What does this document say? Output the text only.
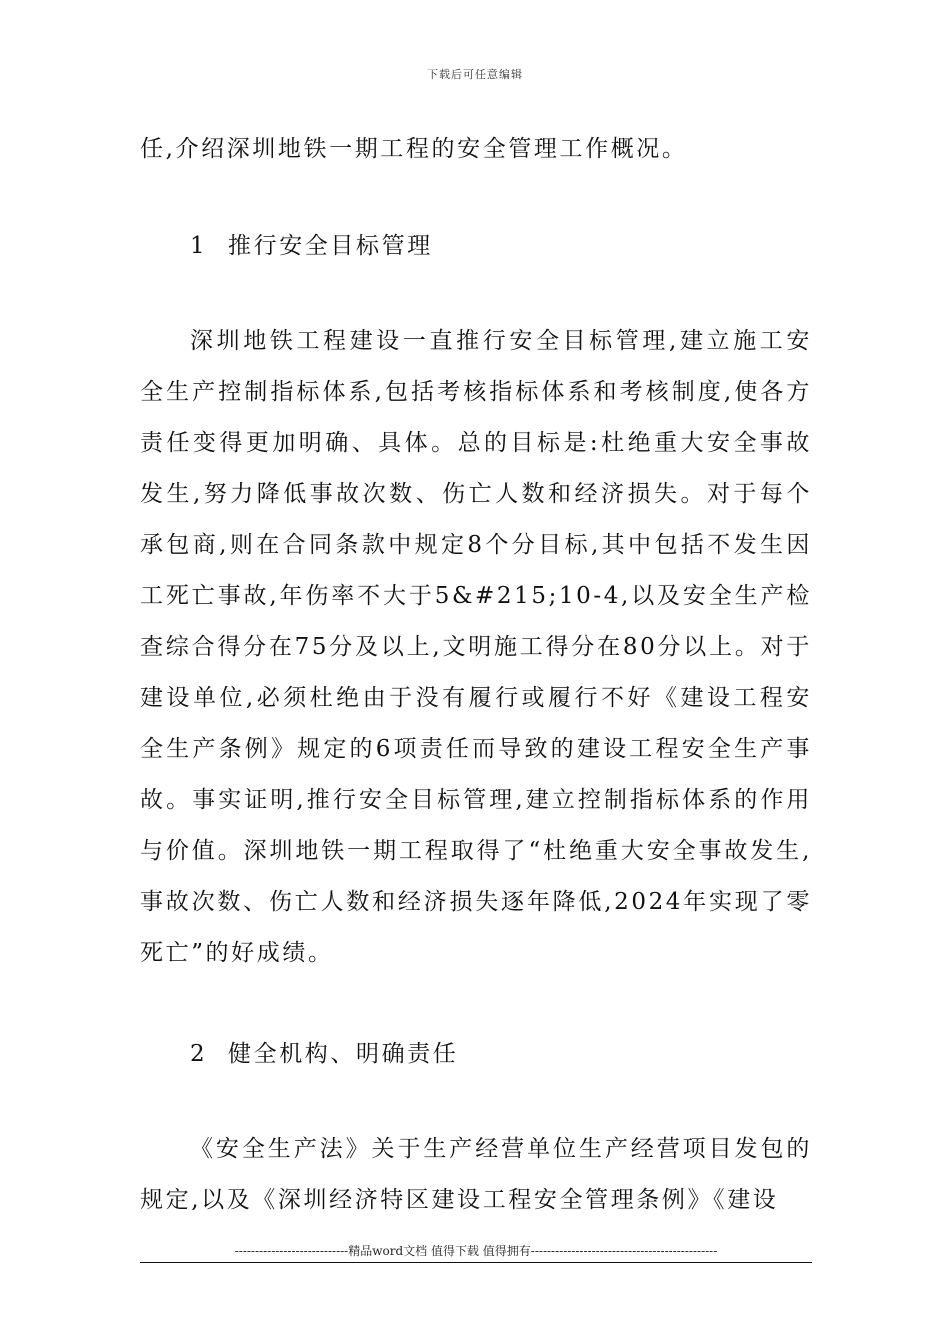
下载后可任意编辑

任,介绍深圳地铁一期工程的安全管理工作概况。

1 推行安全目标管理

深圳地铁工程建设一直推行安全目标管理,建立施工安全生产控制指标体系,包括考核指标体系和考核制度,使各方责任变得更加明确、具体。总的目标是:杜绝重大安全事故发生,努力降低事故次数、伤亡人数和经济损失。对于每个承包商,则在合同条款中规定8个分目标,其中包括不发生因工死亡事故,年伤率不大于5&#215;10-4,以及安全生产检查综合得分在75分及以上,文明施工得分在80分以上。对于建设单位,必须杜绝由于没有履行或履行不好《建设工程安全生产条例》规定的6项责任而导致的建设工程安全生产事故。事实证明,推行安全目标管理,建立控制指标体系的作用与价值。深圳地铁一期工程取得了“杜绝重大安全事故发生,事故次数、伤亡人数和经济损失逐年降低,2024年实现了零死亡”的好成绩。

2 健全机构、明确责任

《安全生产法》关于生产经营单位生产经营项目发包的规定,以及《深圳经济特区建设工程安全管理条例》《建设

----------------------------精品word文档 值得下载 值得拥有----------------------------------------------
